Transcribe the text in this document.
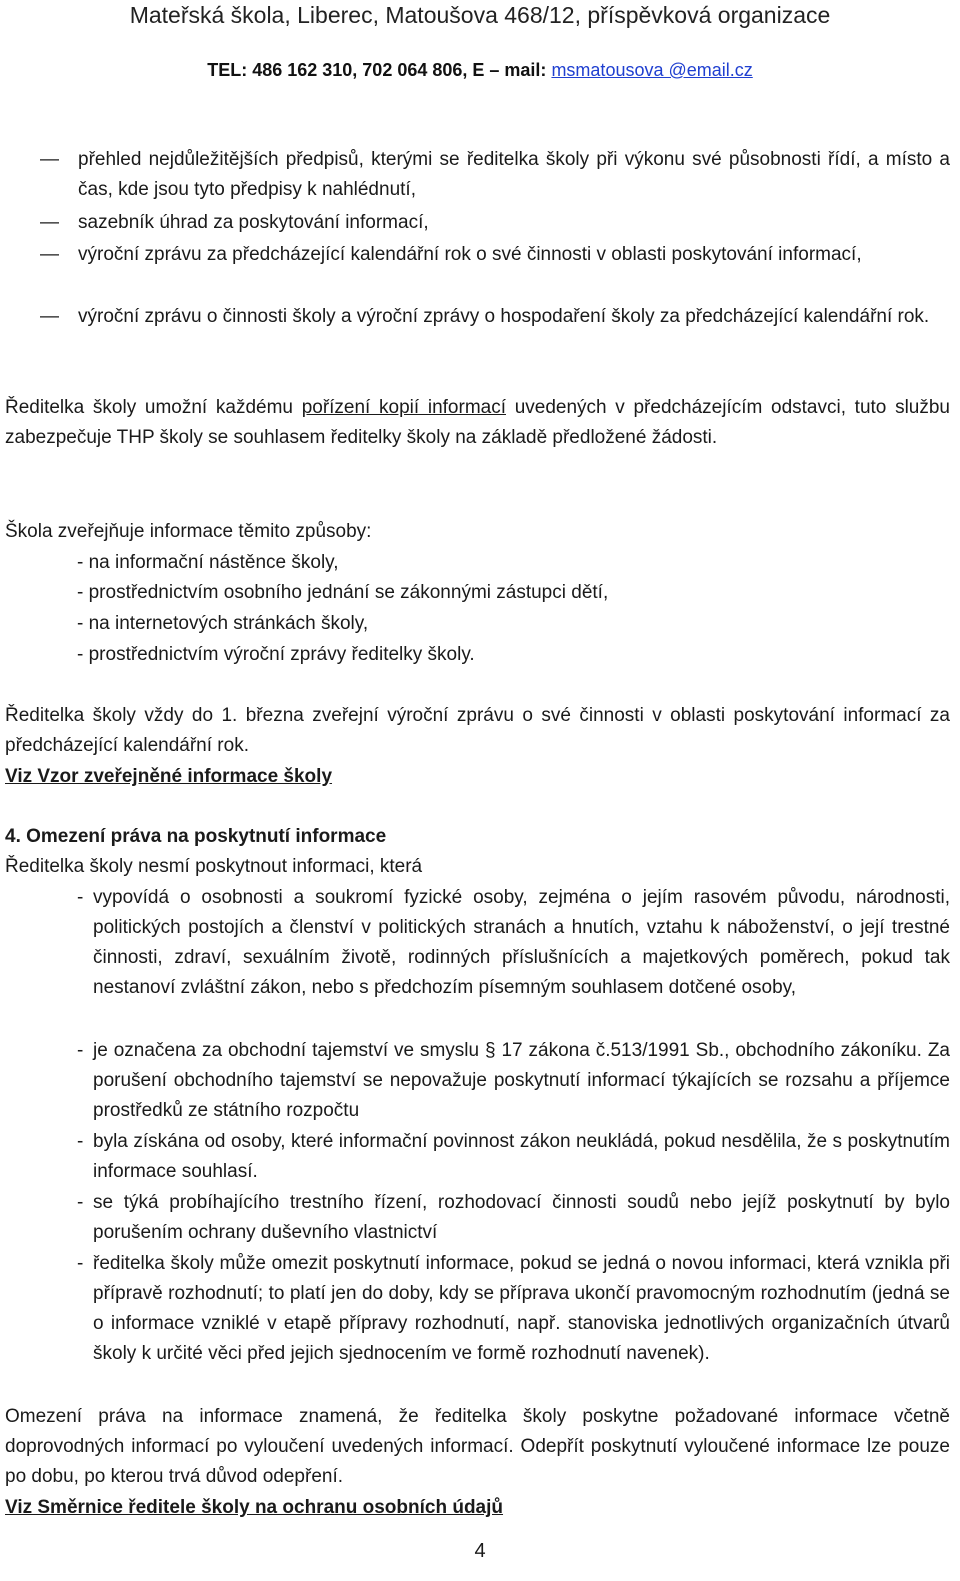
Mateřská škola, Liberec, Matoušova 468/12, příspěvková organizace
TEL: 486 162 310, 702 064 806, E – mail: msmatousova @email.cz
— přehled nejdůležitějších předpisů, kterými se ředitelka školy při výkonu své působnosti řídí, a místo a čas, kde jsou tyto předpisy k nahlédnutí,
— sazebník úhrad za poskytování informací,
— výroční zprávu za předcházející kalendářní rok o své činnosti v oblasti poskytování informací,
— výroční zprávu o činnosti školy a výroční zprávy o hospodaření školy za předcházející kalendářní rok.
Ředitelka školy umožní každému pořízení kopií informací uvedených v předcházejícím odstavci, tuto službu zabezpečuje THP školy se souhlasem ředitelky školy na základě předložené žádosti.
Škola zveřejňuje informace těmito způsoby:
- na informační nástěnce školy,
- prostřednictvím osobního jednání se zákonnými zástupci dětí,
- na internetových stránkách školy,
- prostřednictvím výroční zprávy ředitelky školy.
Ředitelka školy vždy do 1. března zveřejní výroční zprávu o své činnosti v oblasti poskytování informací za předcházející kalendářní rok.
Viz Vzor zveřejněné informace školy
4. Omezení práva na poskytnutí informace
Ředitelka školy nesmí poskytnout informaci, která
- vypovídá o osobnosti a soukromí fyzické osoby, zejména o jejím rasovém původu, národnosti, politických postojích a členství v politických stranách a hnutích, vztahu k náboženství, o její trestné činnosti, zdraví, sexuálním životě, rodinných příslušnících a majetkových poměrech, pokud tak nestanoví zvláštní zákon, nebo s předchozím písemným souhlasem dotčené osoby,
- je označena za obchodní tajemství ve smyslu § 17 zákona č.513/1991 Sb., obchodního zákoníku. Za porušení obchodního tajemství se nepovažuje poskytnutí informací týkajících se rozsahu a příjemce prostředků ze státního rozpočtu
- byla získána od osoby, které informační povinnost zákon neukládá, pokud nesdělila, že s poskytnutím informace souhlasí.
- se týká probíhajícího trestního řízení, rozhodovací činnosti soudů nebo jejíž poskytnutí by bylo porušením ochrany duševního vlastnictví
- ředitelka školy může omezit poskytnutí informace, pokud se jedná o novou informaci, která vznikla při přípravě rozhodnutí; to platí jen do doby, kdy se příprava ukončí pravomocným rozhodnutím (jedná se o informace vzniklé v etapě přípravy rozhodnutí, např. stanoviska jednotlivých organizačních útvarů školy k určité věci před jejich sjednocením ve formě rozhodnutí navenek).
Omezení práva na informace znamená, že ředitelka školy poskytne požadované informace včetně doprovodných informací po vyloučení uvedených informací. Odepřít poskytnutí vyloučené informace lze pouze po dobu, po kterou trvá důvod odepření.
Viz Směrnice ředitele školy na ochranu osobních údajů
4
